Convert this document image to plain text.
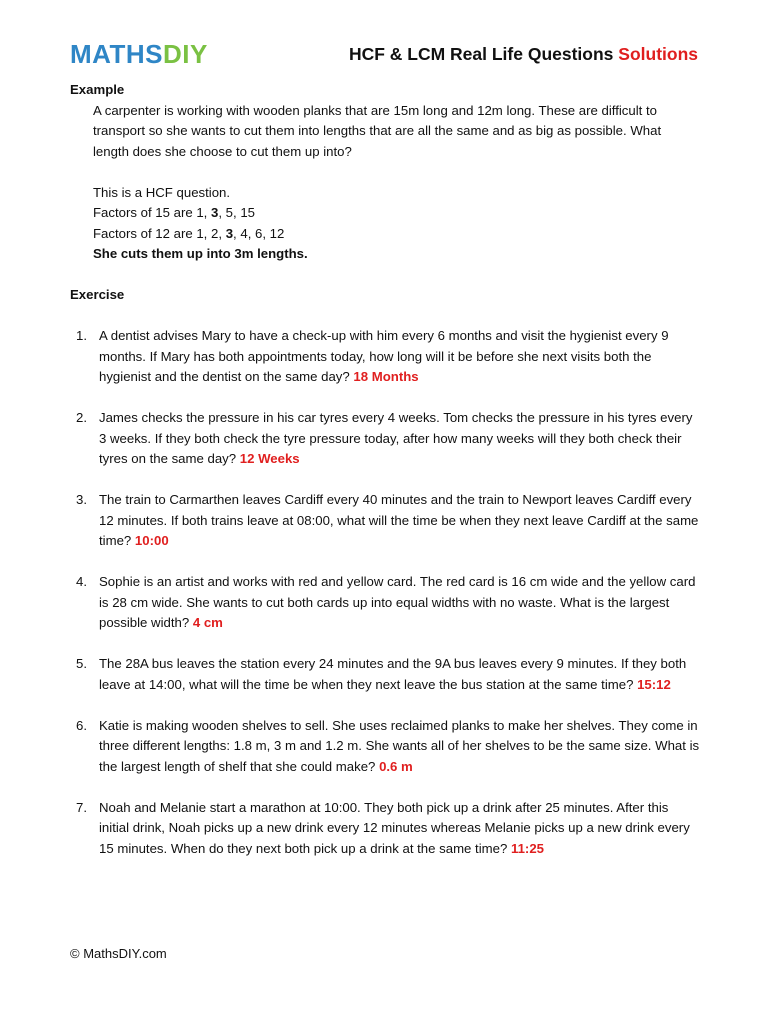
MATHS DIY	HCF & LCM Real Life Questions Solutions
Example
A carpenter is working with wooden planks that are 15m long and 12m long. These are difficult to transport so she wants to cut them into lengths that are all the same and as big as possible. What length does she choose to cut them up into?
This is a HCF question.
Factors of 15 are 1, 3, 5, 15
Factors of 12 are 1, 2, 3, 4, 6, 12
She cuts them up into 3m lengths.
Exercise
1. A dentist advises Mary to have a check-up with him every 6 months and visit the hygienist every 9 months. If Mary has both appointments today, how long will it be before she next visits both the hygienist and the dentist on the same day? 18 Months
2. James checks the pressure in his car tyres every 4 weeks. Tom checks the pressure in his tyres every 3 weeks. If they both check the tyre pressure today, after how many weeks will they both check their tyres on the same day? 12 Weeks
3. The train to Carmarthen leaves Cardiff every 40 minutes and the train to Newport leaves Cardiff every 12 minutes. If both trains leave at 08:00, what will the time be when they next leave Cardiff at the same time? 10:00
4. Sophie is an artist and works with red and yellow card. The red card is 16 cm wide and the yellow card is 28 cm wide. She wants to cut both cards up into equal widths with no waste. What is the largest possible width? 4 cm
5. The 28A bus leaves the station every 24 minutes and the 9A bus leaves every 9 minutes. If they both leave at 14:00, what will the time be when they next leave the bus station at the same time? 15:12
6. Katie is making wooden shelves to sell. She uses reclaimed planks to make her shelves. They come in three different lengths: 1.8 m, 3 m and 1.2 m. She wants all of her shelves to be the same size. What is the largest length of shelf that she could make? 0.6 m
7. Noah and Melanie start a marathon at 10:00. They both pick up a drink after 25 minutes. After this initial drink, Noah picks up a new drink every 12 minutes whereas Melanie picks up a new drink every 15 minutes. When do they next both pick up a drink at the same time? 11:25
© MathsDIY.com
